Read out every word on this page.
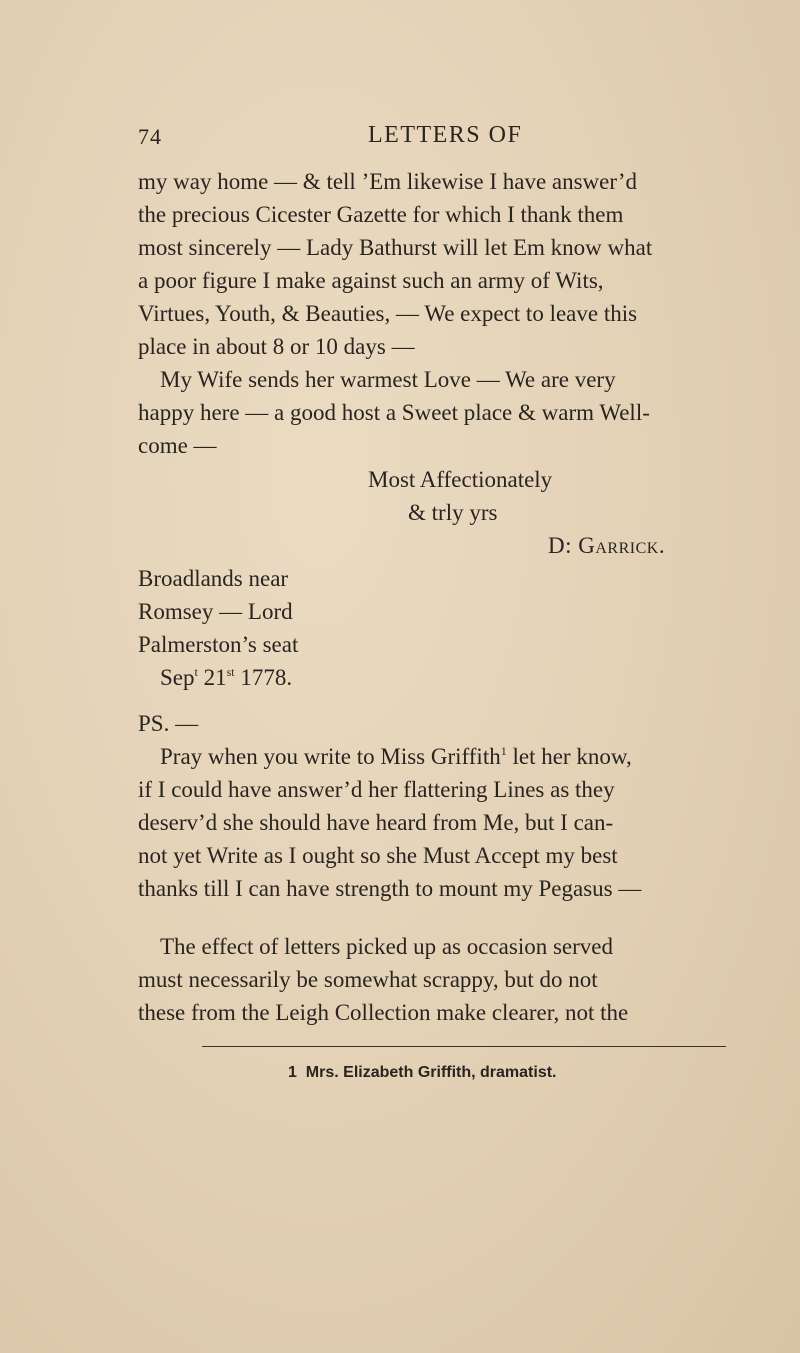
74	LETTERS OF
my way home — & tell ’Em likewise I have answer’d
the precious Cicester Gazette for which I thank them
most sincerely — Lady Bathurst will let Em know what
a poor figure I make against such an army of Wits,
Virtues, Youth, & Beauties, — We expect to leave this
place in about 8 or 10 days —
My Wife sends her warmest Love — We are very
happy here — a good host a Sweet place & warm Well-
come —
Most Affectionately
& trly yrs
D: Garrick.
Broadlands near
Romsey — Lord
Palmerston’s seat
Sep$^t$ 21st 1778.
PS. —
Pray when you write to Miss Griffith$^1$ let her know,
if I could have answer’d her flattering Lines as they
deserv’d she should have heard from Me, but I can-
not yet Write as I ought so she Must Accept my best
thanks till I can have strength to mount my Pegasus —
The effect of letters picked up as occasion served
must necessarily be somewhat scrappy, but do not
these from the Leigh Collection make clearer, not the
1 Mrs. Elizabeth Griffith, dramatist.
